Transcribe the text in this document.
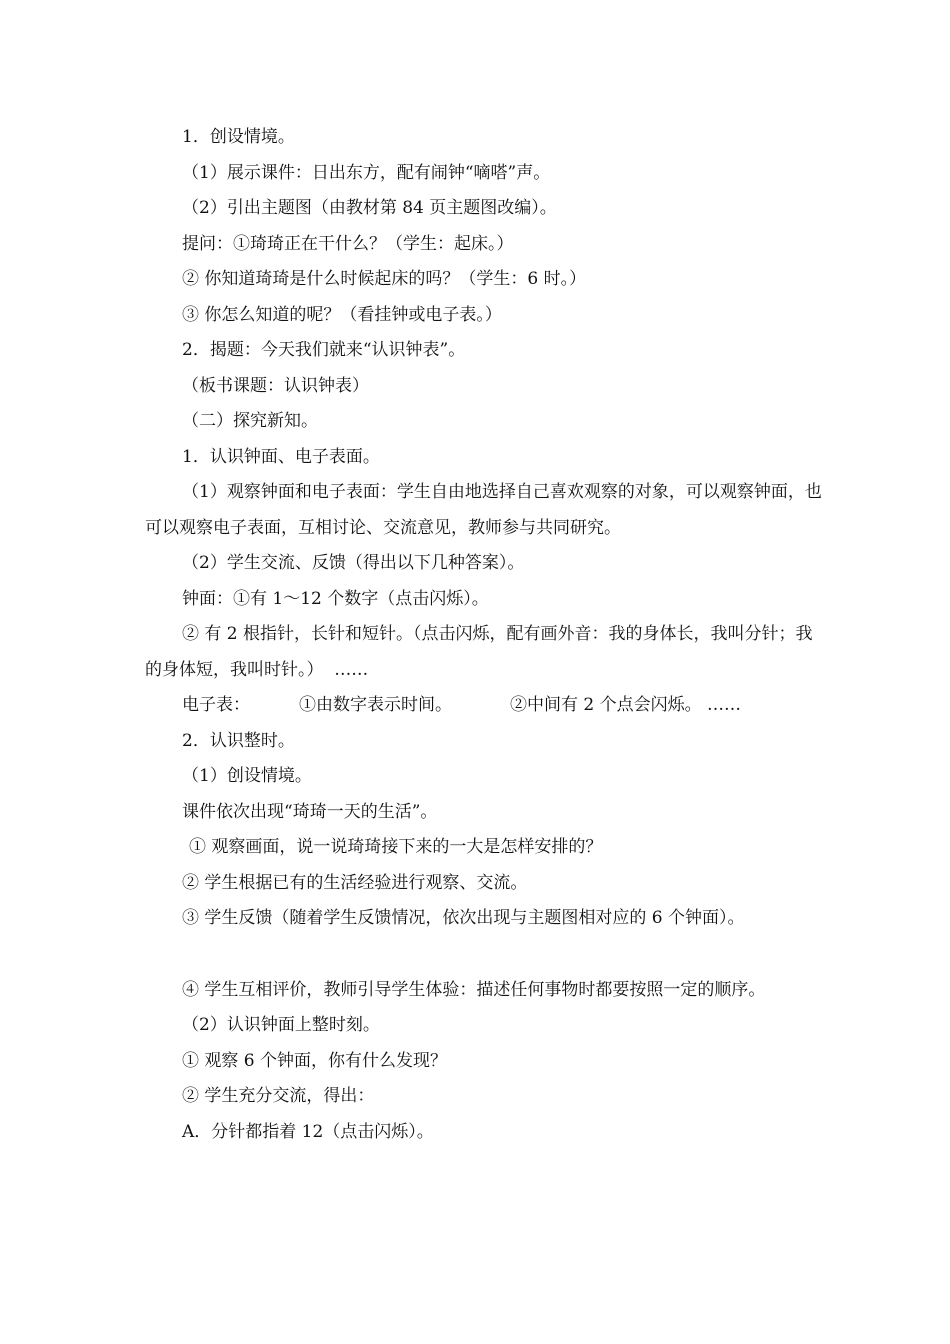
1．创设情境。

（1）展示课件：日出东方，配有闹钟“嘀嗒”声。

（2）引出主题图（由教材第 84 页主题图改编）。

提问：①琦琦正在干什么？（学生：起床。）

② 你知道琦琦是什么时候起床的吗？（学生：6 时。）

③ 你怎么知道的呢？（看挂钟或电子表。）

2．揭题：今天我们就来“认识钟表”。

（板书课题：认识钟表）

（二）探究新知。

1．认识钟面、电子表面。

（1）观察钟面和电子表面：学生自由地选择自己喜欢观察的对象，可以观察钟面，也可以观察电子表面，互相讨论、交流意见，教师参与共同研究。

（2）学生交流、反馈（得出以下几种答案）。

钟面：①有 1～12 个数字（点击闪烁）。

② 有 2 根指针，长针和短针。（点击闪烁，配有画外音：我的身体长，我叫分针；我的身体短，我叫时针。）  ……

电子表：	①由数字表示时间。	②中间有 2 个点会闪烁。 ……

2．认识整时。

（1）创设情境。

课件依次出现“琦琦一天的生活”。

① 观察画面，说一说琦琦接下来的一大是怎样安排的？

② 学生根据已有的生活经验进行观察、交流。

③ 学生反馈（随着学生反馈情况，依次出现与主题图相对应的 6 个钟面）。

④ 学生互相评价，教师引导学生体验：描述任何事物时都要按照一定的顺序。

（2）认识钟面上整时刻。

① 观察 6 个钟面，你有什么发现？

② 学生充分交流，得出：

A．分针都指着 12（点击闪烁）。
